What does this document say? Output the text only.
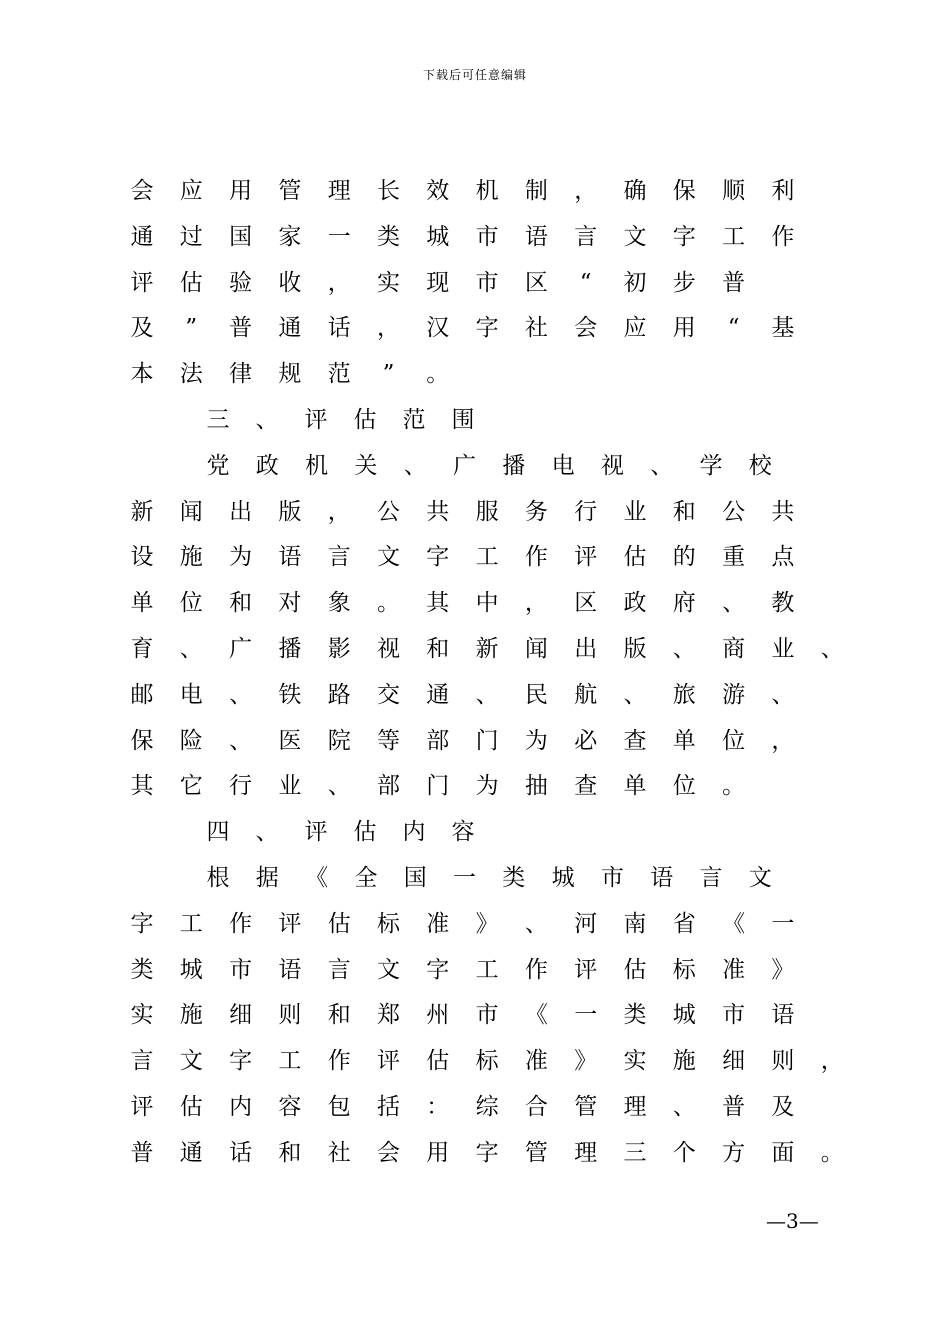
下载后可任意编辑
会 应 用 管 理 长 效 机 制 ， 确 保 顺 利
通 过 国 家 一 类 城 市 语 言 文 字 工 作
评 估 验 收 ， 实 现 市 区	“	初 步 普
及	”	普 通 话 ， 汉 字 社 会 应 用	“	基
本 法 律 规 范	”	。
三 、 评 估 范 围
党 政 机 关 、 广 播 电 视 、 学 校
新 闻 出 版 ， 公 共 服 务 行 业 和 公 共
设 施 为 语 言 文 字 工 作 评 估 的 重 点
单 位 和 对 象 。 其 中 ， 区 政 府 、 教
育 、 广 播 影 视 和 新 闻 出 版 、 商 业 、
邮 电 、 铁 路 交 通 、 民 航 、 旅 游 、
保 险 、 医 院 等 部 门 为 必 查 单 位 ，
其 它 行 业 、 部 门 为 抽 查 单 位 。
四 、 评 估 内 容
根 据 《 全 国 一 类 城 市 语 言 文
字 工 作 评 估 标 准 》 、 河 南 省 《 一
类 城 市 语 言 文 字 工 作 评 估 标 准 》
实 施 细 则 和 郑 州 市 《 一 类 城 市 语
言 文 字 工 作 评 估 标 准 》 实 施 细 则 ，
评 估 内 容 包 括 ： 综 合 管 理 、 普 及
普 通 话 和 社 会 用 字 管 理 三 个 方 面 。
—3—
